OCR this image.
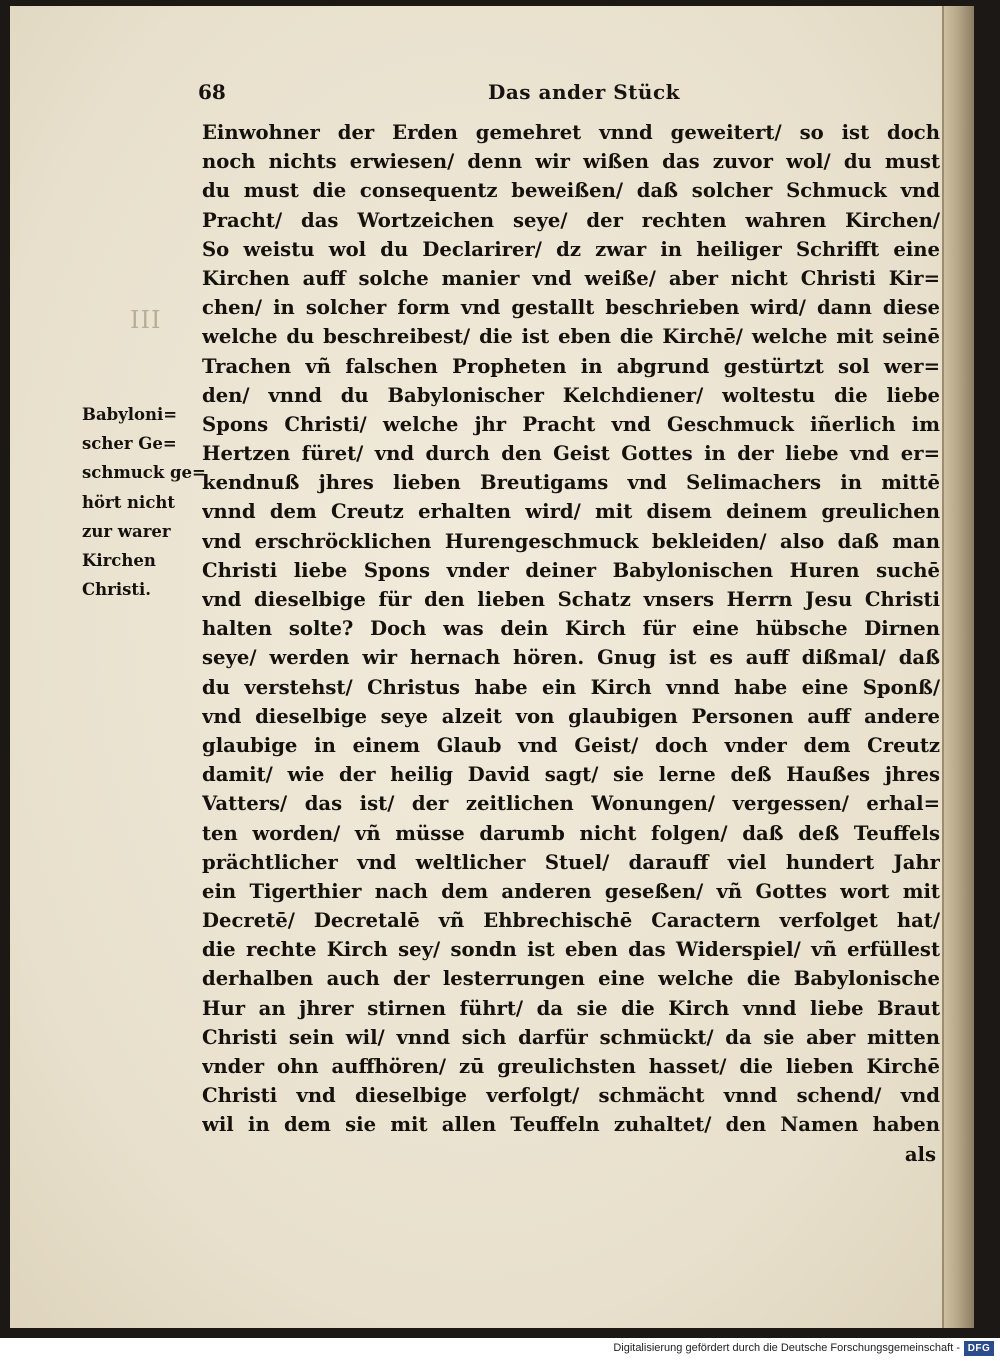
68	Das ander Stück
III
Babyloni=
scher Ge=
schmuck ge=
hört nicht
zur warer
Kirchen
Christi.
Einwohner der Erden gemehret vnnd geweitert/ so ist doch
noch nichts erwiesen/ denn wir wißen das zuvor wol/ du must
du must die consequentz beweißen/ daß solcher Schmuck vnd
Pracht/ das Wortzeichen seye/ der rechten wahren Kirchen/
So weistu wol du Declarirer/ dz zwar in heiliger Schrifft eine
Kirchen auff solche manier vnd weiße/ aber nicht Christi Kir=
chen/ in solcher form vnd gestallt beschrieben wird/ dann diese
welche du beschreibest/ die ist eben die Kirchē/ welche mit seinē
Trachen vñ falschen Propheten in abgrund gestürtzt sol wer=
den/ vnnd du Babylonischer Kelchdiener/ woltestu die liebe
Spons Christi/ welche jhr Pracht vnd Geschmuck iñerlich im
Hertzen füret/ vnd durch den Geist Gottes in der liebe vnd er=
kendnuß jhres lieben Breutigams vnd Selimachers in mittē
vnnd dem Creutz erhalten wird/ mit disem deinem greulichen
vnd erschröcklichen Hurengeschmuck bekleiden/ also daß man
Christi liebe Spons vnder deiner Babylonischen Huren suchē
vnd dieselbige für den lieben Schatz vnsers Herrn Jesu Christi
halten solte? Doch was dein Kirch für eine hübsche Dirnen
seye/ werden wir hernach hören. Gnug ist es auff dißmal/ daß
du verstehst/ Christus habe ein Kirch vnnd habe eine Sponß/
vnd dieselbige seye alzeit von glaubigen Personen auff andere
glaubige in einem Glaub vnd Geist/ doch vnder dem Creutz
damit/ wie der heilig David sagt/ sie lerne deß Haußes jhres
Vatters/ das ist/ der zeitlichen Wonungen/ vergessen/ erhal=
ten worden/ vñ müsse darumb nicht folgen/ daß deß Teuffels
prächtlicher vnd weltlicher Stuel/ darauff viel hundert Jahr
ein Tigerthier nach dem anderen geseßen/ vñ Gottes wort mit
Decretē/ Decretalē vñ Ehbrechischē Caractern verfolget hat/
die rechte Kirch sey/ sondn ist eben das Widerspiel/ vñ erfüllest
derhalben auch der lesterrungen eine welche die Babylonische
Hur an jhrer stirnen führt/ da sie die Kirch vnnd liebe Braut
Christi sein wil/ vnnd sich darfür schmückt/ da sie aber mitten
vnder ohn auffhören/ zū greulichsten hasset/ die lieben Kirchē
Christi vnd dieselbige verfolgt/ schmächt vnnd schend/ vnd
wil in dem sie mit allen Teuffeln zuhaltet/ den Namen haben
als
Digitalisierung gefördert durch die Deutsche Forschungsgemeinschaft - DFG
